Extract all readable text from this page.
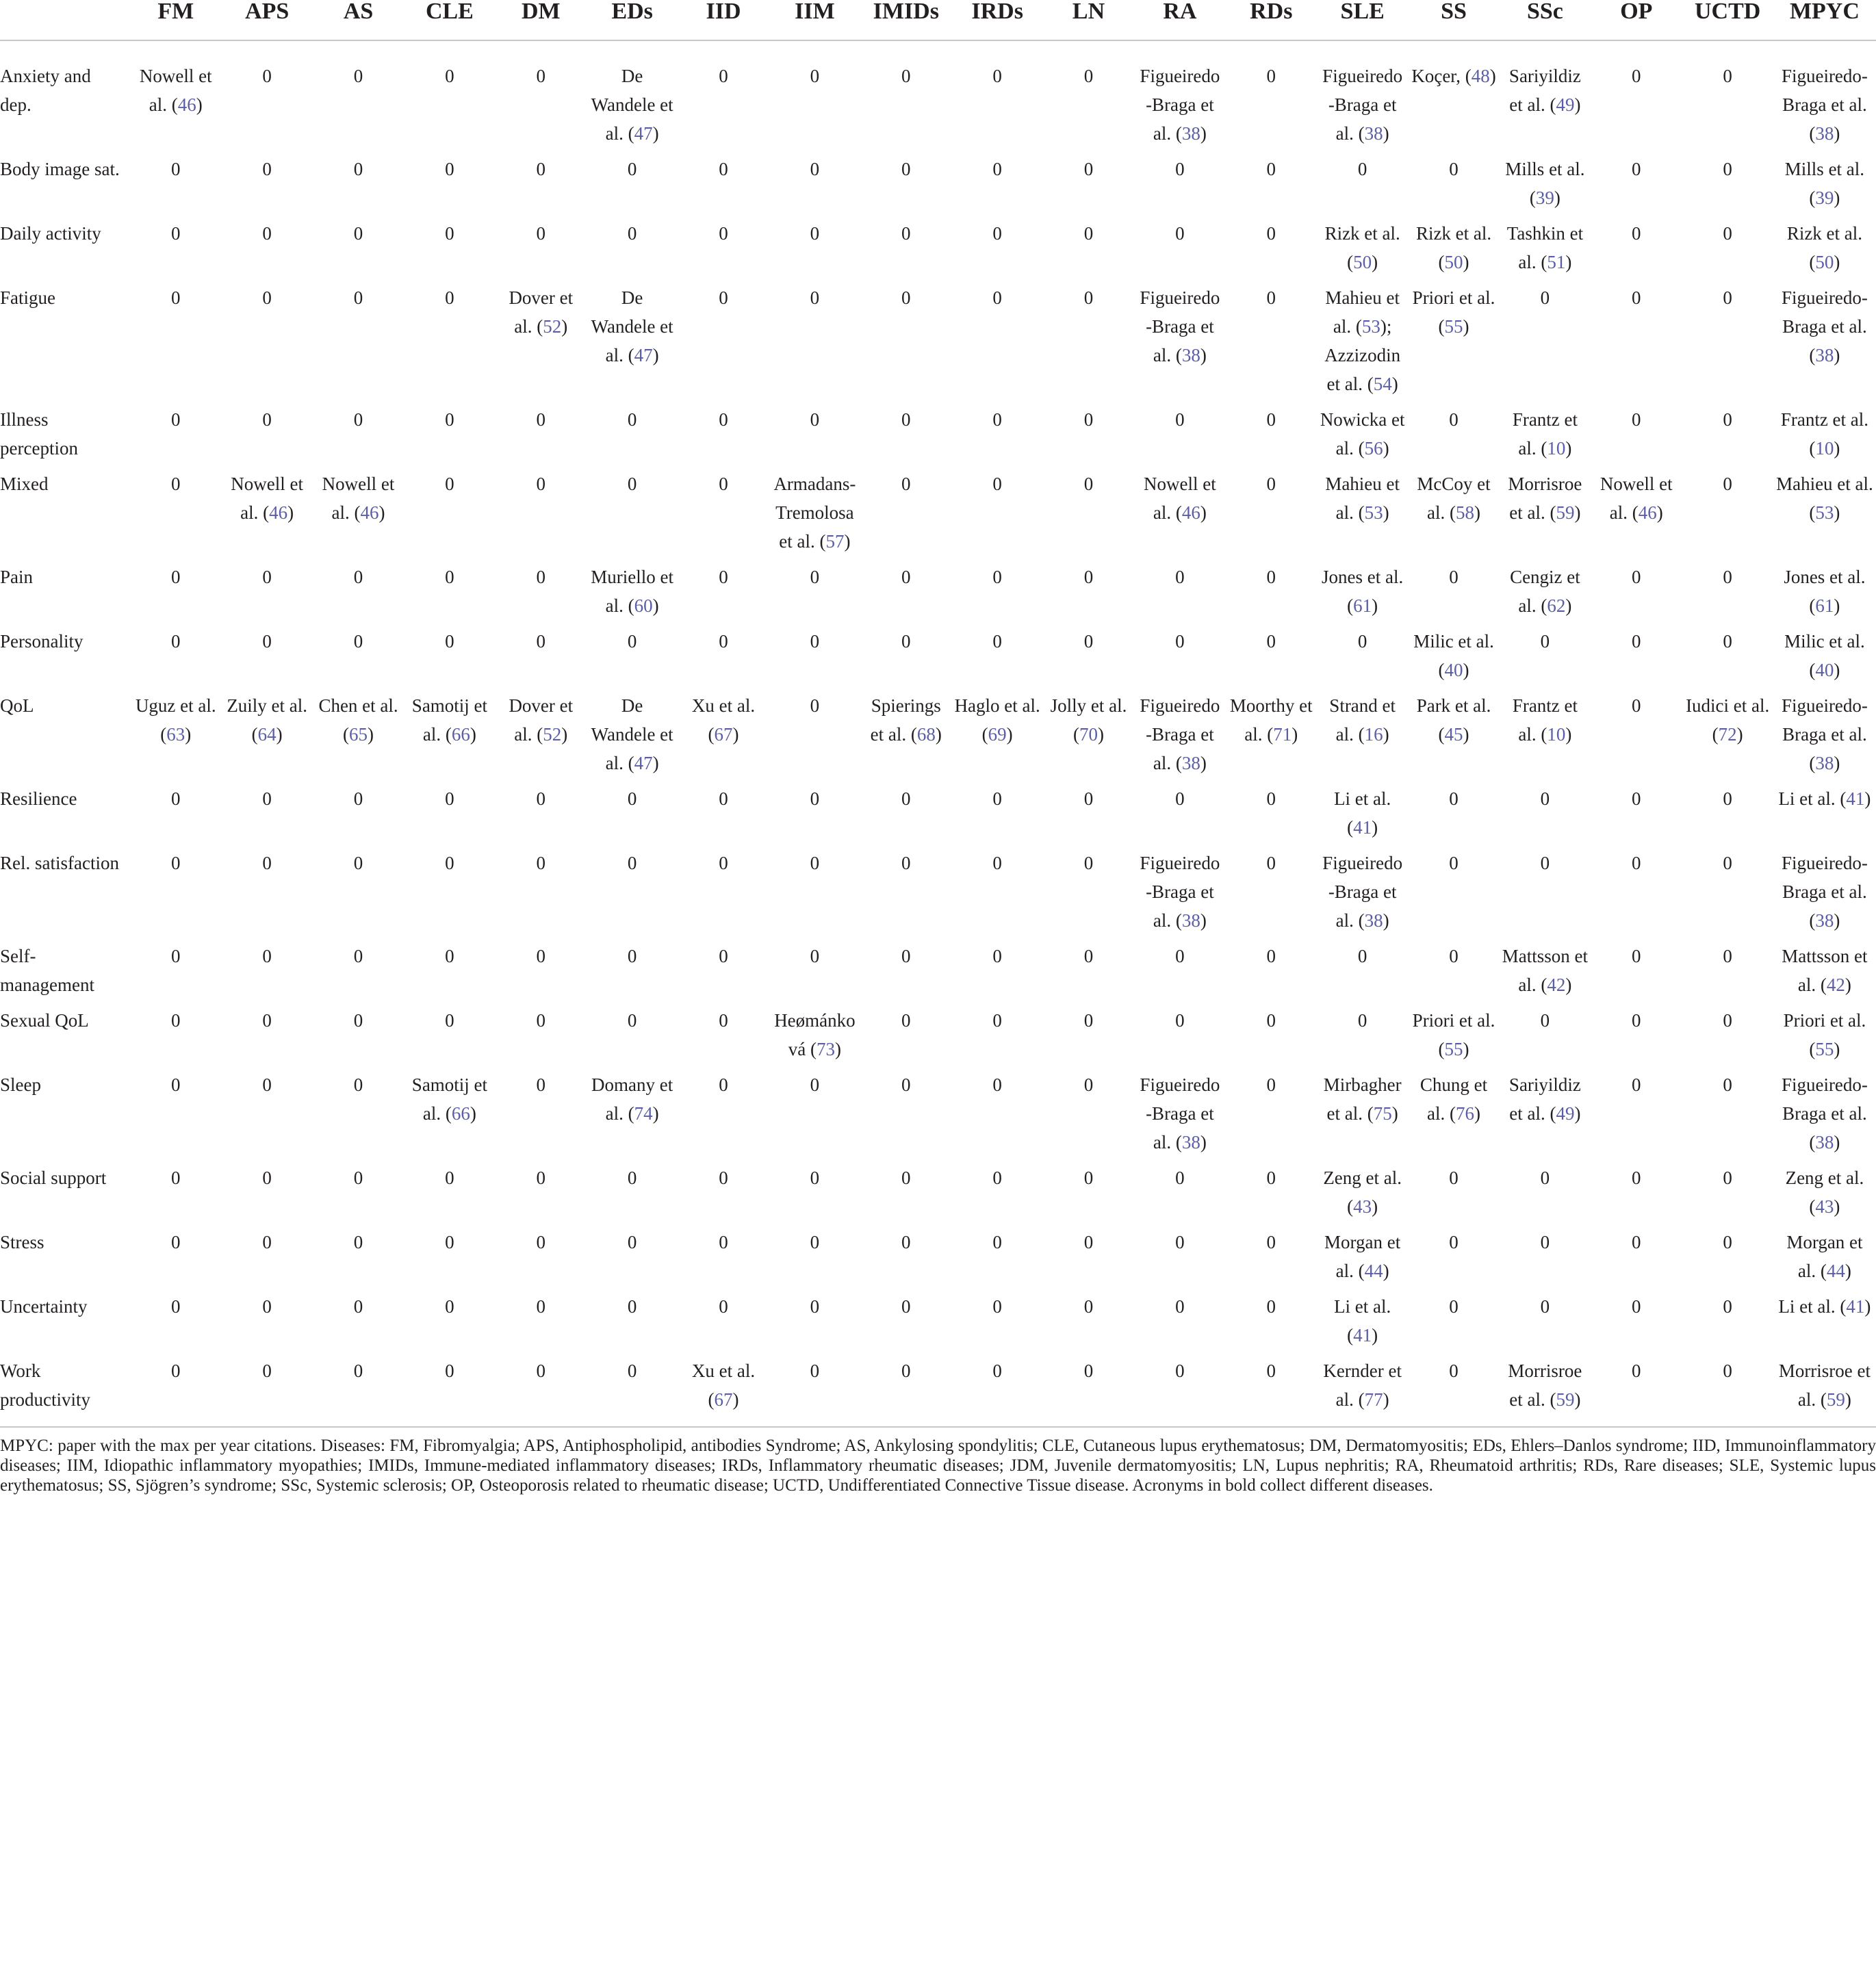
	FM	APS	AS	CLE	DM	EDs	IID	IIM	IMIDs	IRDs	LN	RA	RDs	SLE	SS	SSc	OP	UCTD	MPYC
Anxiety and dep.	Nowell et al. (46)	0	0	0	0	De Wandele et al. (47)	0	0	0	0	0	Figueiredo-Braga et al. (38)	0	Figueiredo-Braga et al. (38)	Koçer, (48)	Sariyildiz et al. (49)	0	0	Figueiredo-Braga et al. (38)
Body image sat.	0	0	0	0	0	0	0	0	0	0	0	0	0	0	0	Mills et al. (39)	0	0	Mills et al. (39)
Daily activity	0	0	0	0	0	0	0	0	0	0	0	0	0	Rizk et al. (50)	Rizk et al. (50)	Tashkin et al. (51)	0	0	Rizk et al. (50)
Fatigue	0	0	0	0	Dover et al. (52)	De Wandele et al. (47)	0	0	0	0	0	Figueiredo-Braga et al. (38)	0	Mahieu et al. (53); Azzizodin et al. (54)	Priori et al. (55)	0	0	0	Figueiredo-Braga et al. (38)
Illness perception	0	0	0	0	0	0	0	0	0	0	0	0	0	Nowicka et al. (56)	0	Frantz et al. (10)	0	0	Frantz et al. (10)
Mixed	0	Nowell et al. (46)	Nowell et al. (46)	0	0	0	0	Armadans-Tremolosa et al. (57)	0	0	0	Nowell et al. (46)	0	Mahieu et al. (53)	McCoy et al. (58)	Morrisroe et al. (59)	Nowell et al. (46)	0	Mahieu et al. (53)
Pain	0	0	0	0	0	Muriello et al. (60)	0	0	0	0	0	0	0	Jones et al. (61)	0	Cengiz et al. (62)	0	0	Jones et al. (61)
Personality	0	0	0	0	0	0	0	0	0	0	0	0	0	0	Milic et al. (40)	0	0	0	Milic et al. (40)
QoL	Uguz et al. (63)	Zuily et al. (64)	Chen et al. (65)	Samotij et al. (66)	Dover et al. (52)	De Wandele et al. (47)	Xu et al. (67)	0	Spierings et al. (68)	Haglo et al. (69)	Jolly et al. (70)	Figueiredo-Braga et al. (38)	Moorthy et al. (71)	Strand et al. (16)	Park et al. (45)	Frantz et al. (10)	0	Iudici et al. (72)	Figueiredo-Braga et al. (38)
Resilience	0	0	0	0	0	0	0	0	0	0	0	0	0	Li et al. (41)	0	0	0	0	Li et al. (41)
Rel. satisfaction	0	0	0	0	0	0	0	0	0	0	0	Figueiredo-Braga et al. (38)	0	Figueiredo-Braga et al. (38)	0	0	0	0	Figueiredo-Braga et al. (38)
Self-management	0	0	0	0	0	0	0	0	0	0	0	0	0	0	0	Mattsson et al. (42)	0	0	Mattsson et al. (42)
Sexual QoL	0	0	0	0	0	0	0	Heømánková (73)	0	0	0	0	0	0	Priori et al. (55)	0	0	0	Priori et al. (55)
Sleep	0	0	0	Samotij et al. (66)	0	Domany et al. (74)	0	0	0	0	0	Figueiredo-Braga et al. (38)	0	Mirbagher et al. (75)	Chung et al. (76)	Sariyildiz et al. (49)	0	0	Figueiredo-Braga et al. (38)
Social support	0	0	0	0	0	0	0	0	0	0	0	0	0	Zeng et al. (43)	0	0	0	0	Zeng et al. (43)
Stress	0	0	0	0	0	0	0	0	0	0	0	0	0	Morgan et al. (44)	0	0	0	0	Morgan et al. (44)
Uncertainty	0	0	0	0	0	0	0	0	0	0	0	0	0	Li et al. (41)	0	0	0	0	Li et al. (41)
Work productivity	0	0	0	0	0	0	Xu et al. (67)	0	0	0	0	0	0	Kernder et al. (77)	0	Morrisroe et al. (59)	0	0	Morrisroe et al. (59)

MPYC: paper with the max per year citations. Diseases: FM, Fibromyalgia; APS, Antiphospholipid, antibodies Syndrome; AS, Ankylosing spondylitis; CLE, Cutaneous lupus erythematosus; DM, Dermatomyositis; EDs, Ehlers–Danlos syndrome; IID, Immunoinflammatory diseases; IIM, Idiopathic inflammatory myopathies; IMIDs, Immune-mediated inflammatory diseases; IRDs, Inflammatory rheumatic diseases; JDM, Juvenile dermatomyositis; LN, Lupus nephritis; RA, Rheumatoid arthritis; RDs, Rare diseases; SLE, Systemic lupus erythematosus; SS, Sjögren’s syndrome; SSc, Systemic sclerosis; OP, Osteoporosis related to rheumatic disease; UCTD, Undifferentiated Connective Tissue disease. Acronyms in bold collect different diseases.
